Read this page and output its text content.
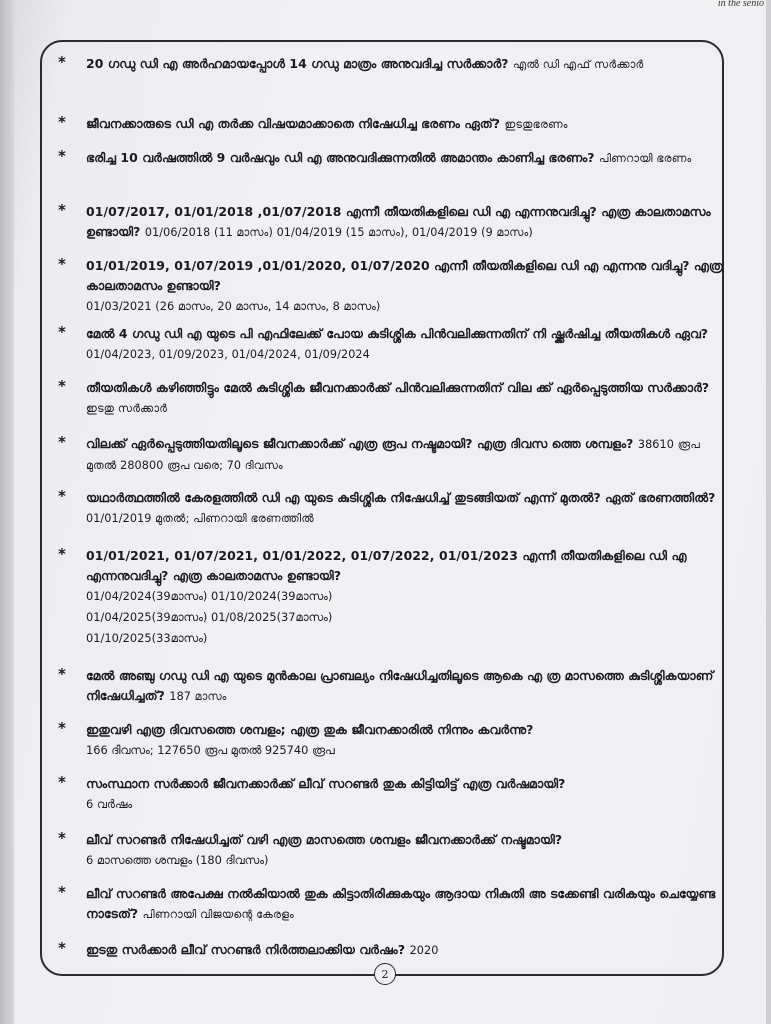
in the senio
* 20 ഗഡു ഡി എ അർഹമായപ്പോൾ 14 ഗഡു മാത്രം അനുവദിച്ച സർക്കാർ? എൽ ഡി എഫ് സർക്കാർ
* ജീവനക്കാരുടെ ഡി എ തർക്ക വിഷയമാക്കാതെ നിഷേധിച്ച ഭരണം ഏത്? ഇടതുഭരണം
* ഭരിച്ച 10 വർഷത്തിൽ 9 വർഷവും ഡി എ അനുവദിക്കുന്നതിൽ അമാന്തം കാണിച്ച ഭരണം? പിണറായി ഭരണം
* 01/07/2017, 01/01/2018 ,01/07/2018 എന്നീ തീയതികളിലെ ഡി എ എന്നനുവദിച്ചു? എത്ര കാലതാമസം ഉണ്ടായി? 01/06/2018 (11 മാസം) 01/04/2019 (15 മാസം), 01/04/2019 (9 മാസം)
* 01/01/2019, 01/07/2019 ,01/01/2020, 01/07/2020 എന്നീ തീയതികളിലെ ഡി എ എന്നനു വദിച്ചു? എത്ര കാലതാമസം ഉണ്ടായി?
01/03/2021 (26 മാസം, 20 മാസം, 14 മാസം, 8 മാസം)
* മേൽ 4 ഗഡു ഡി എ യുടെ പി എഫിലേക്ക് പോയ കുടിശ്ശിക പിൻവലിക്കുന്നതിന് നി ഷ്ക്കർഷിച്ച തീയതികൾ ഏവ? 01/04/2023, 01/09/2023, 01/04/2024, 01/09/2024
* തീയതികൾ കഴിഞ്ഞിട്ടും മേൽ കുടിശ്ശിക ജീവനക്കാർക്ക് പിൻവലിക്കുന്നതിന് വില ക്ക് ഏർപ്പെടുത്തിയ സർക്കാർ? ഇടതു സർക്കാർ
* വിലക്ക് ഏർപ്പെടുത്തിയതിലൂടെ ജീവനക്കാർക്ക് എത്ര രൂപ നഷ്ടമായി? എത്ര ദിവസ ത്തെ ശമ്പളം? 38610 രൂപ മുതൽ 280800 രൂപ വരെ; 70 ദിവസം
* യഥാർത്ഥത്തിൽ കേരളത്തിൽ ഡി എ യുടെ കുടിശ്ശിക നിഷേധിച്ച് തുടങ്ങിയത് എന്ന് മുതൽ? ഏത് ഭരണത്തിൽ? 01/01/2019 മുതൽ; പിണറായി ഭരണത്തിൽ
* 01/01/2021, 01/07/2021, 01/01/2022, 01/07/2022, 01/01/2023 എന്നീ തീയതികളിലെ ഡി എ എന്നനുവദിച്ചു? എത്ര കാലതാമസം ഉണ്ടായി?
01/04/2024(39മാസം) 01/10/2024(39മാസം)
01/04/2025(39മാസം) 01/08/2025(37മാസം)
01/10/2025(33മാസം)
* മേൽ അഞ്ചു ഗഡു ഡി എ യുടെ മുൻകാല പ്രാബല്യം നിഷേധിച്ചതിലൂടെ ആകെ എ ത്ര മാസത്തെ കുടിശ്ശികയാണ് നിഷേധിച്ചത്? 187 മാസം
* ഇതുവഴി എത്ര ദിവസത്തെ ശമ്പളം; എത്ര തുക ജീവനക്കാരിൽ നിന്നും കവർന്നു?
166 ദിവസം; 127650 രൂപ മുതൽ 925740 രൂപ
* സംസ്ഥാന സർക്കാർ ജീവനക്കാർക്ക് ലീവ് സറണ്ടർ തുക കിട്ടിയിട്ട് എത്ര വർഷമായി?
6 വർഷം
* ലീവ് സറണ്ടർ നിഷേധിച്ചത് വഴി എത്ര മാസത്തെ ശമ്പളം ജീവനക്കാർക്ക് നഷ്ടമായി?
6 മാസത്തെ ശമ്പളം (180 ദിവസം)
* ലീവ് സറണ്ടർ അപേക്ഷ നൽകിയാൽ തുക കിട്ടാതിരിക്കുകയും ആദായ നികുതി അ ടക്കേണ്ടി വരികയും ചെയ്യേണ്ട നാടേത്? പിണറായി വിജയന്റെ കേരളം
* ഇടതു സർക്കാർ ലീവ് സറണ്ടർ നിർത്തലാക്കിയ വർഷം? 2020
2
